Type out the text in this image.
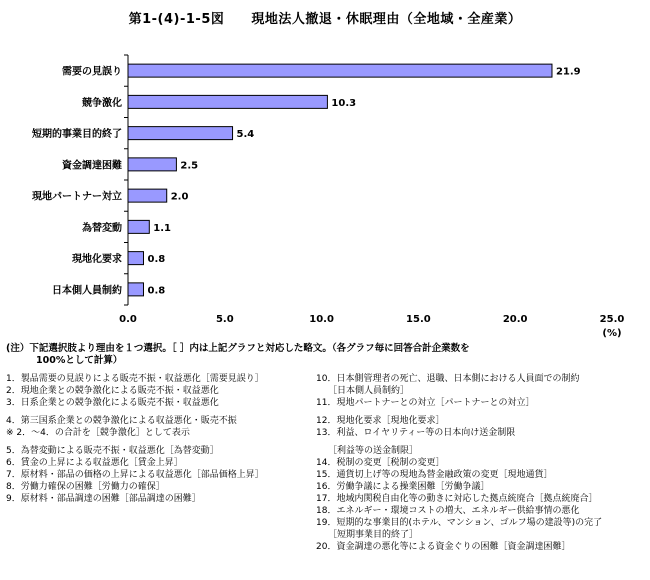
第1-(4)-1-5図　　現地法人撤退・休眠理由（全地域・全産業）
需要の見誤り	21.9
競争激化	10.3
短期的事業目的終了	5.4
資金調達困難	2.5
現地パートナー対立	2.0
為替変動	1.1
現地化要求	0.8
日本側人員制約	0.8
0.0	5.0	10.0	15.0	20.0	25.0
(%)
(注）下記選択肢より理由を１つ選択。［ ］内は上記グラフと対応した略文。（各グラフ毎に回答合計企業数を
100%として計算）
1．製品需要の見誤りによる販売不振・収益悪化［需要見誤り］
2．現地企業との競争激化による販売不振・収益悪化
3．日系企業との競争激化による販売不振・収益悪化
4．第三国系企業との競争激化による収益悪化・販売不振
※ 2．～4．の合計を［競争激化］として表示
5．為替変動による販売不振・収益悪化［為替変動］
6．賃金の上昇による収益悪化［賃金上昇］
7．原材料・部品の価格の上昇による収益悪化［部品価格上昇］
8．労働力確保の困難［労働力の確保］
9．原材料・部品調達の困難［部品調達の困難］
10．日本側管理者の死亡、退職、日本側における人員面での制約
［日本側人員制約］
11．現地パートナーとの対立［パートナーとの対立］
12．現地化要求［現地化要求］
13．利益、ロイヤリティー等の日本向け送金制限
［利益等の送金制限］
14．税制の変更［税制の変更］
15．通貨切上げ等の現地為替金融政策の変更［現地通貨］
16．労働争議による操業困難［労働争議］
17．地域内関税自由化等の動きに対応した拠点統廃合［拠点統廃合］
18．エネルギー・環境コストの増大、エネルギー供給事情の悪化
19．短期的な事業目的(ホテル、マンション、ゴルフ場の建設等)の完了
［短期事業目的終了］
20．資金調達の悪化等による資金ぐりの困難［資金調達困難］
